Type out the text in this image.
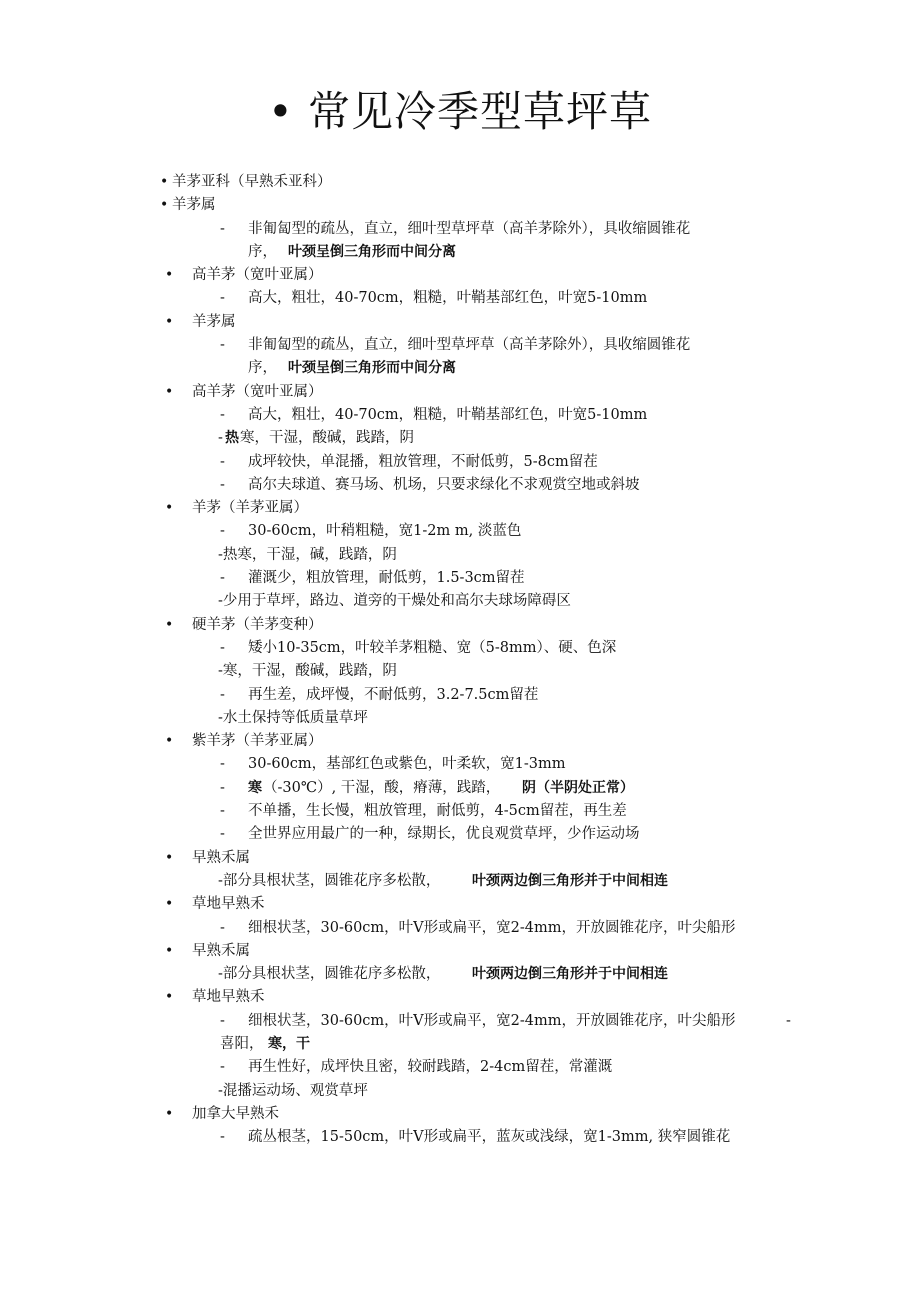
• 常见冷季型草坪草
• 羊茅亚科（早熟禾亚科）
• 羊茅属
- 非匍匐型的疏丛，直立，细叶型草坪草（高羊茅除外），具收缩圆锥花
序， 叶颈呈倒三角形而中间分离
• 高羊茅（宽叶亚属）
- 高大，粗壮，40-70cm，粗糙，叶鞘基部红色，叶宽5-10mm
• 羊茅属
- 非匍匐型的疏丛，直立，细叶型草坪草（高羊茅除外），具收缩圆锥花
序， 叶颈呈倒三角形而中间分离
• 高羊茅（宽叶亚属）
- 高大，粗壮，40-70cm，粗糙，叶鞘基部红色，叶宽5-10mm
- 热 寒，干湿，酸碱，践踏，阴
- 成坪较快，单混播，粗放管理，不耐低剪，5-8cm留茬
- 高尔夫球道、赛马场、机场，只要求绿化不求观赏空地或斜坡
• 羊茅（羊茅亚属）
- 30-60cm，叶稍粗糙，宽1-2m m, 淡蓝色
-热寒，干湿，碱，践踏，阴
- 灌溉少，粗放管理，耐低剪，1.5-3cm留茬
-少用于草坪，路边、道旁的干燥处和高尔夫球场障碍区
• 硬羊茅（羊茅变种）
- 矮小10-35cm，叶较羊茅粗糙、宽（5-8mm）、硬、色深
-寒，干湿，酸碱，践踏，阴
- 再生差，成坪慢，不耐低剪，3.2-7.5cm留茬
-水土保持等低质量草坪
• 紫羊茅（羊茅亚属）
- 30-60cm，基部红色或紫色，叶柔软，宽1-3mm
- 寒 （-30℃）, 干湿，酸，瘠薄，践踏， 阴（半阴处正常）
- 不单播，生长慢，粗放管理，耐低剪，4-5cm留茬，再生差
- 全世界应用最广的一种，绿期长，优良观赏草坪，少作运动场
• 早熟禾属
-部分具根状茎，圆锥花序多松散， 叶颈两边倒三角形并于中间相连
• 草地早熟禾
- 细根状茎，30-60cm，叶V形或扁平，宽2-4mm，开放圆锥花序，叶尖船形
• 早熟禾属
-部分具根状茎，圆锥花序多松散， 叶颈两边倒三角形并于中间相连
• 草地早熟禾
- 细根状茎，30-60cm，叶V形或扁平，宽2-4mm，开放圆锥花序，叶尖船形	-
喜阳， 寒，干
- 再生性好，成坪快且密，较耐践踏，2-4cm留茬，常灌溉
-混播运动场、观赏草坪
• 加拿大早熟禾
- 疏丛根茎，15-50cm，叶V形或扁平，蓝灰或浅绿，宽1-3mm, 狭窄圆锥花
